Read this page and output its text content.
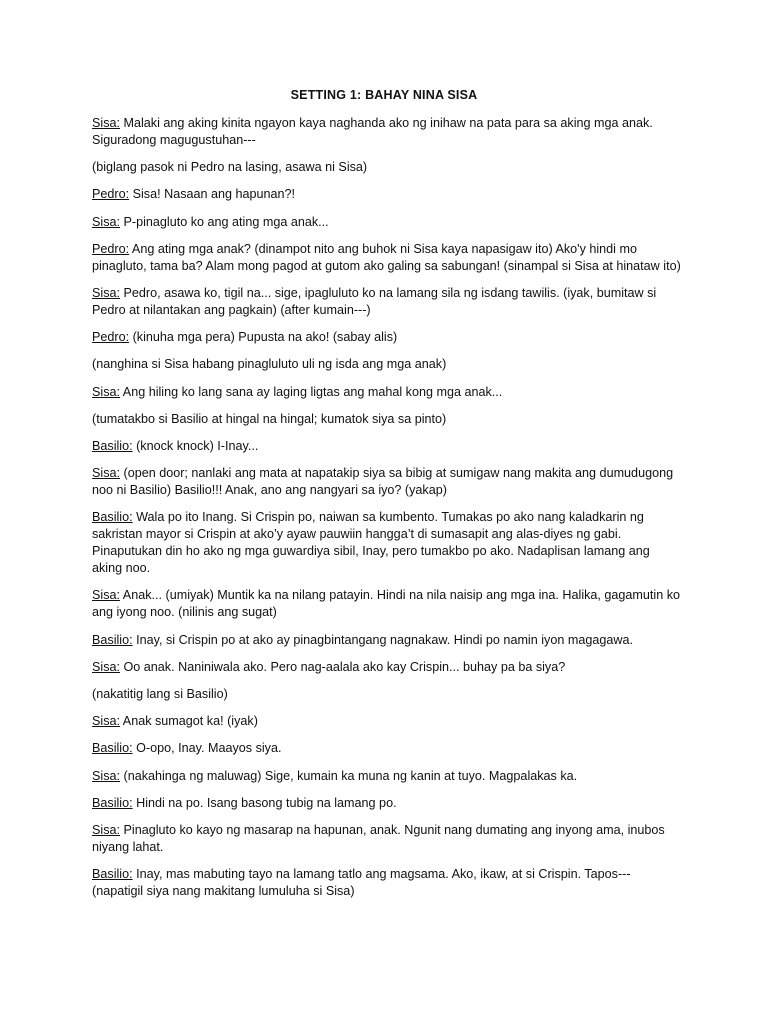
SETTING 1: BAHAY NINA SISA

Sisa: Malaki ang aking kinita ngayon kaya naghanda ako ng inihaw na pata para sa aking mga anak. Siguradong magugustuhan---

(biglang pasok ni Pedro na lasing, asawa ni Sisa)

Pedro: Sisa! Nasaan ang hapunan?!

Sisa: P-pinagluto ko ang ating mga anak...

Pedro: Ang ating mga anak? (dinampot nito ang buhok ni Sisa kaya napasigaw ito) Ako'y hindi mo pinagluto, tama ba? Alam mong pagod at gutom ako galing sa sabungan! (sinampal si Sisa at hinataw ito)

Sisa: Pedro, asawa ko, tigil na... sige, ipagluluto ko na lamang sila ng isdang tawilis. (iyak, bumitaw si Pedro at nilantakan ang pagkain) (after kumain---)

Pedro: (kinuha mga pera) Pupusta na ako! (sabay alis)

(nanghina si Sisa habang pinagluluto uli ng isda ang mga anak)

Sisa: Ang hiling ko lang sana ay laging ligtas ang mahal kong mga anak...

(tumatakbo si Basilio at hingal na hingal; kumatok siya sa pinto)

Basilio: (knock knock) I-Inay...

Sisa: (open door; nanlaki ang mata at napatakip siya sa bibig at sumigaw nang makita ang dumudugong noo ni Basilio) Basilio!!! Anak, ano ang nangyari sa iyo? (yakap)

Basilio: Wala po ito Inang. Si Crispin po, naiwan sa kumbento. Tumakas po ako nang kaladkarin ng sakristan mayor si Crispin at ako’y ayaw pauwiin hangga’t di sumasapit ang alas-diyes ng gabi. Pinaputukan din ho ako ng mga guwardiya sibil, Inay, pero tumakbo po ako. Nadaplisan lamang ang aking noo.

Sisa: Anak... (umiyak) Muntik ka na nilang patayin. Hindi na nila naisip ang mga ina. Halika, gagamutin ko ang iyong noo. (nilinis ang sugat)

Basilio: Inay, si Crispin po at ako ay pinagbintangang nagnakaw. Hindi po namin iyon magagawa.

Sisa: Oo anak. Naniniwala ako. Pero nag-aalala ako kay Crispin... buhay pa ba siya?

(nakatitig lang si Basilio)

Sisa: Anak sumagot ka! (iyak)

Basilio: O-opo, Inay. Maayos siya.

Sisa: (nakahinga ng maluwag) Sige, kumain ka muna ng kanin at tuyo. Magpalakas ka.

Basilio: Hindi na po. Isang basong tubig na lamang po.

Sisa: Pinagluto ko kayo ng masarap na hapunan, anak. Ngunit nang dumating ang inyong ama, inubos niyang lahat.

Basilio: Inay, mas mabuting tayo na lamang tatlo ang magsama. Ako, ikaw, at si Crispin. Tapos--- (napatigil siya nang makitang lumuluha si Sisa)
